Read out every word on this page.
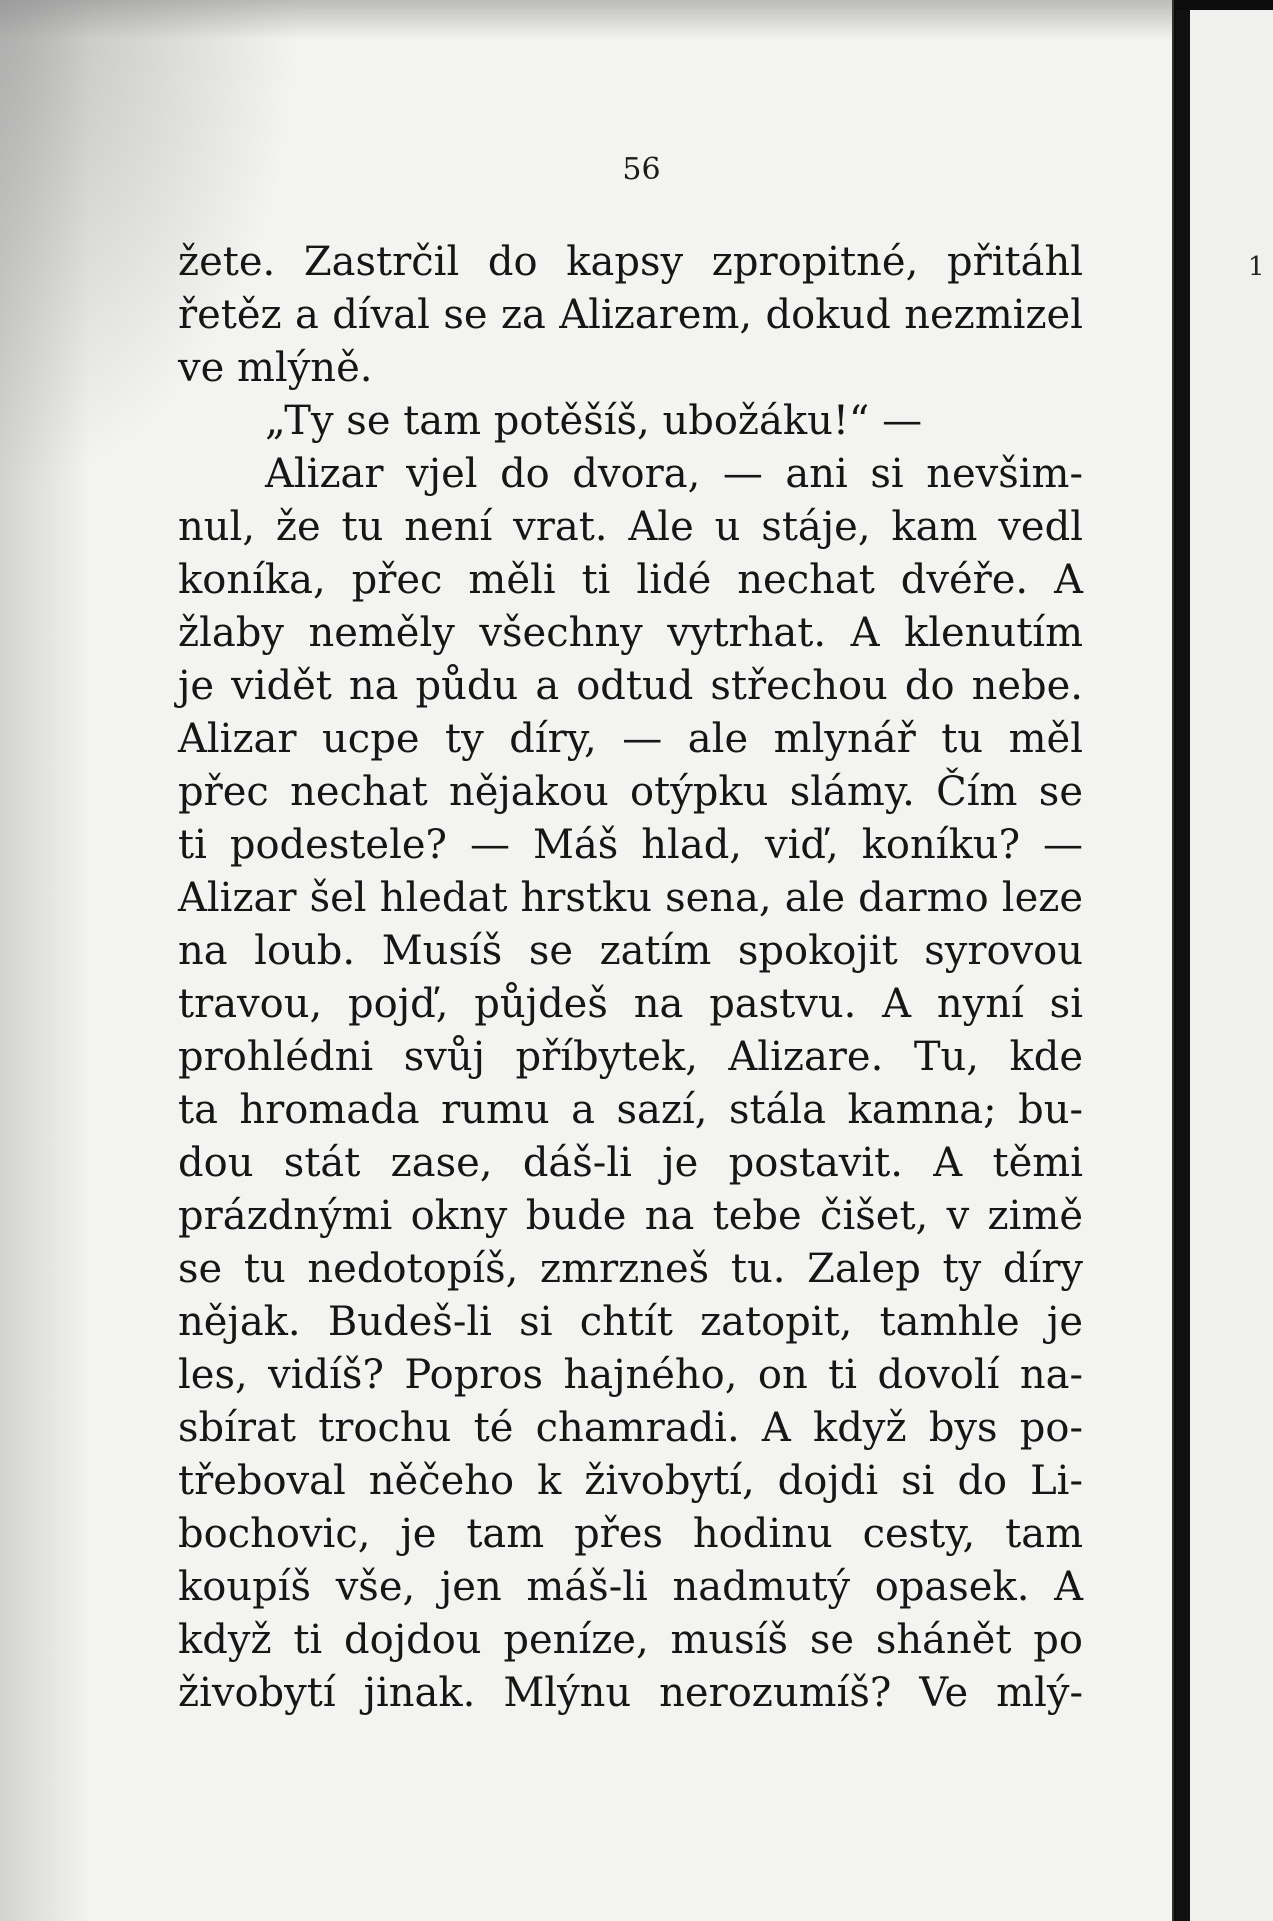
56
žete. Zastrčil do kapsy zpropitné, přitáhl
řetěz a díval se za Alizarem, dokud nezmizel
ve mlýně.
„Ty se tam potěšíš, ubožáku!“ —
Alizar vjel do dvora, — ani si nevšim-
nul, že tu není vrat. Ale u stáje, kam vedl
koníka, přec měli ti lidé nechat dvéře. A
žlaby neměly všechny vytrhat. A klenutím
je vidět na půdu a odtud střechou do nebe.
Alizar ucpe ty díry, — ale mlynář tu měl
přec nechat nějakou otýpku slámy. Čím se
ti podestele? — Máš hlad, viď, koníku? —
Alizar šel hledat hrstku sena, ale darmo leze
na loub. Musíš se zatím spokojit syrovou
travou, pojď, půjdeš na pastvu. A nyní si
prohlédni svůj příbytek, Alizare. Tu, kde
ta hromada rumu a sazí, stála kamna; bu-
dou stát zase, dáš-li je postavit. A těmi
prázdnými okny bude na tebe čišet, v zimě
se tu nedotopíš, zmrzneš tu. Zalep ty díry
nějak. Budeš-li si chtít zatopit, tamhle je
les, vidíš? Popros hajného, on ti dovolí na-
sbírat trochu té chamradi. A když bys po-
třeboval něčeho k živobytí, dojdi si do Li-
bochovic, je tam přes hodinu cesty, tam
koupíš vše, jen máš-li nadmutý opasek. A
když ti dojdou peníze, musíš se shánět po
živobytí jinak. Mlýnu nerozumíš? Ve mlý-
1
